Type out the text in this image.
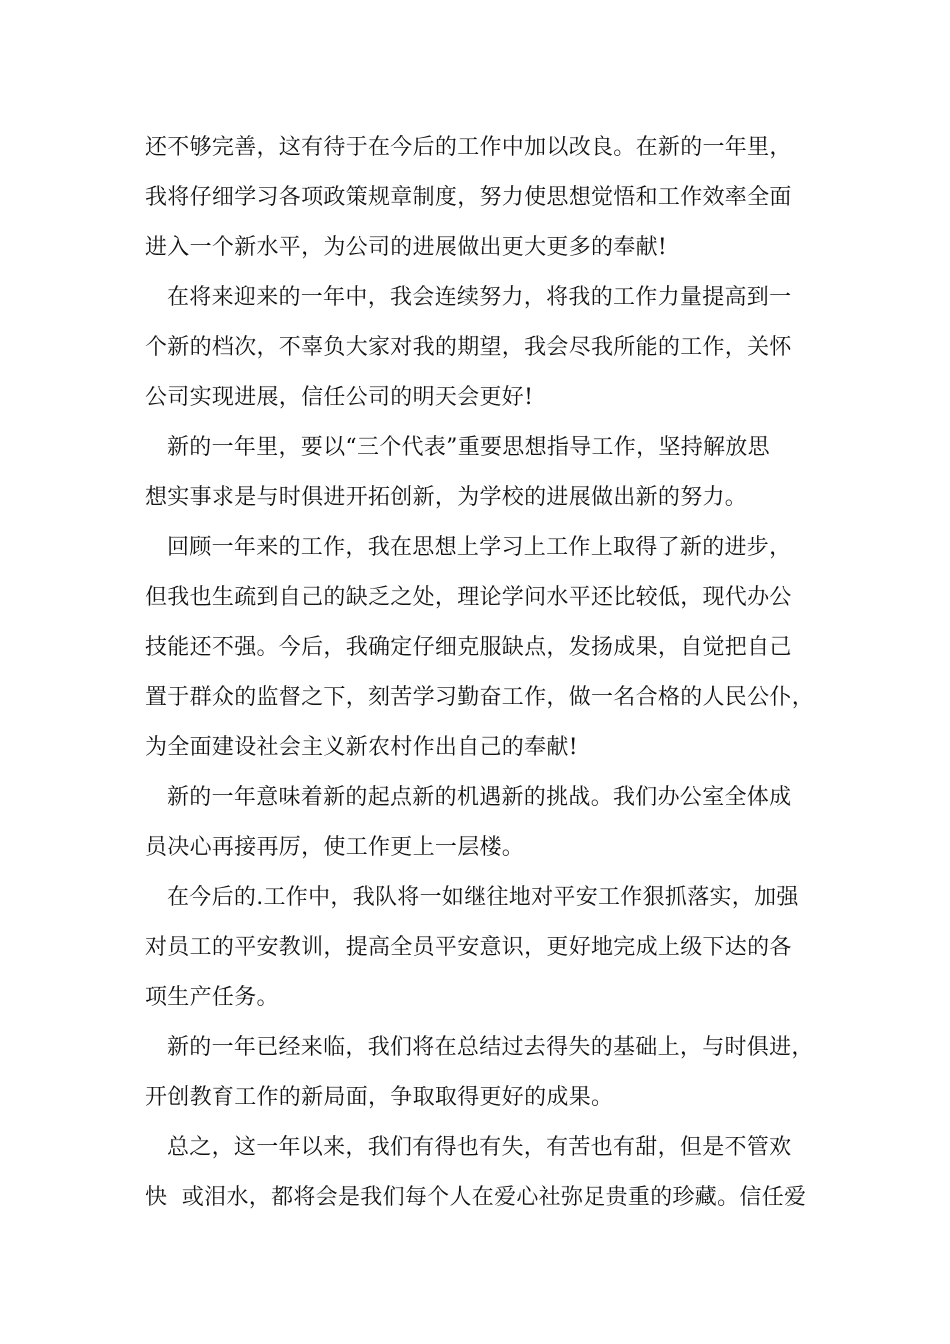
还不够完善，这有待于在今后的工作中加以改良。在新的一年里，
我将仔细学习各项政策规章制度，努力使思想觉悟和工作效率全面
进入一个新水平，为公司的进展做出更大更多的奉献!
在将来迎来的一年中，我会连续努力，将我的工作力量提高到一
个新的档次，不辜负大家对我的期望，我会尽我所能的工作，关怀
公司实现进展，信任公司的明天会更好!
新的一年里，要以“三个代表”重要思想指导工作，坚持解放思
想实事求是与时俱进开拓创新，为学校的进展做出新的努力。
回顾一年来的工作，我在思想上学习上工作上取得了新的进步，
但我也生疏到自己的缺乏之处，理论学问水平还比较低，现代办公
技能还不强。今后，我确定仔细克服缺点，发扬成果，自觉把自己
置于群众的监督之下，刻苦学习勤奋工作，做一名合格的人民公仆，
为全面建设社会主义新农村作出自己的奉献!
新的一年意味着新的起点新的机遇新的挑战。我们办公室全体成
员决心再接再厉，使工作更上一层楼。
在今后的.工作中，我队将一如继往地对平安工作狠抓落实，加强
对员工的平安教训，提高全员平安意识，更好地完成上级下达的各
项生产任务。
新的一年已经来临，我们将在总结过去得失的基础上，与时俱进，
开创教育工作的新局面，争取取得更好的成果。
总之，这一年以来，我们有得也有失，有苦也有甜，但是不管欢
快  或泪水，都将会是我们每个人在爱心社弥足贵重的珍藏。信任爱
